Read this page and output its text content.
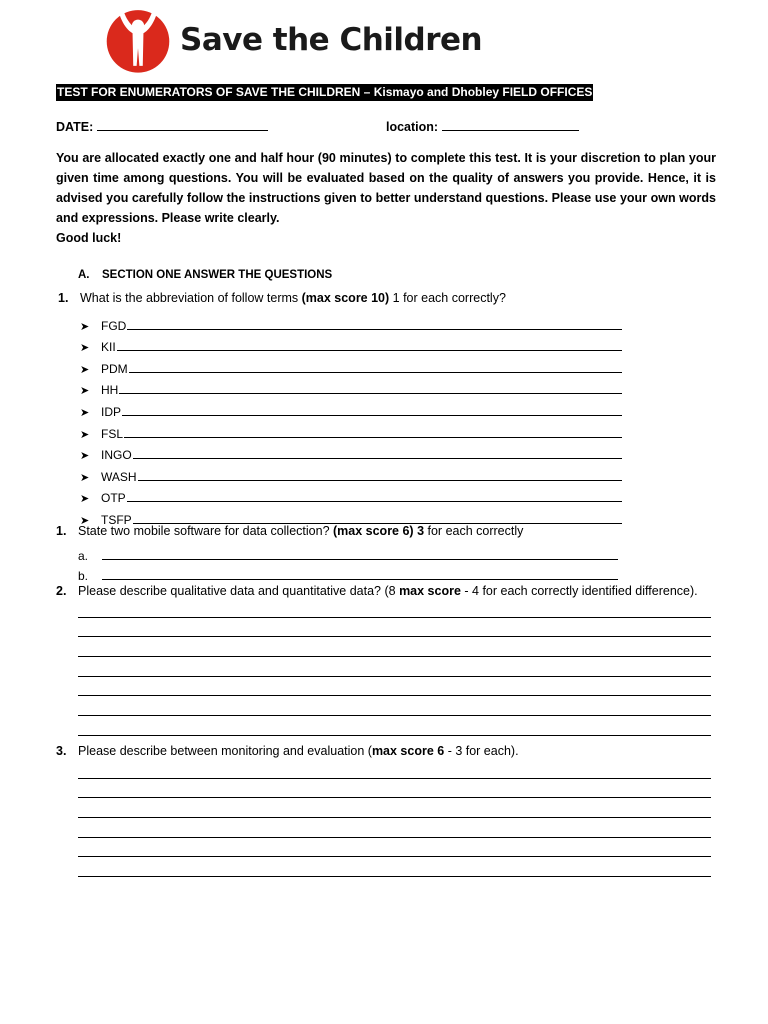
Save the Children
TEST FOR ENUMERATORS OF SAVE THE CHILDREN – Kismayo and Dhobley FIELD OFFICES
DATE:	location:

You are allocated exactly one and half hour (90 minutes) to complete this test. It is your discretion to plan your given time among questions. You will be evaluated based on the quality of answers you provide. Hence, it is advised you carefully follow the instructions given to better understand questions. Please use your own words and expressions. Please write clearly.

Good luck!

A. SECTION ONE ANSWER THE QUESTIONS
1. What is the abbreviation of follow terms (max score 10) 1 for each correctly?
➤ FGD
➤ KII
➤ PDM
➤ HH
➤ IDP
➤ FSL
➤ INGO
➤ WASH
➤ OTP
➤ TSFP
1. State two mobile software for data collection? (max score 6) 3 for each correctly
a.
b.
2. Please describe qualitative data and quantitative data? (8 max score - 4 for each correctly identified difference).
3. Please describe between monitoring and evaluation (max score 6 - 3 for each).
